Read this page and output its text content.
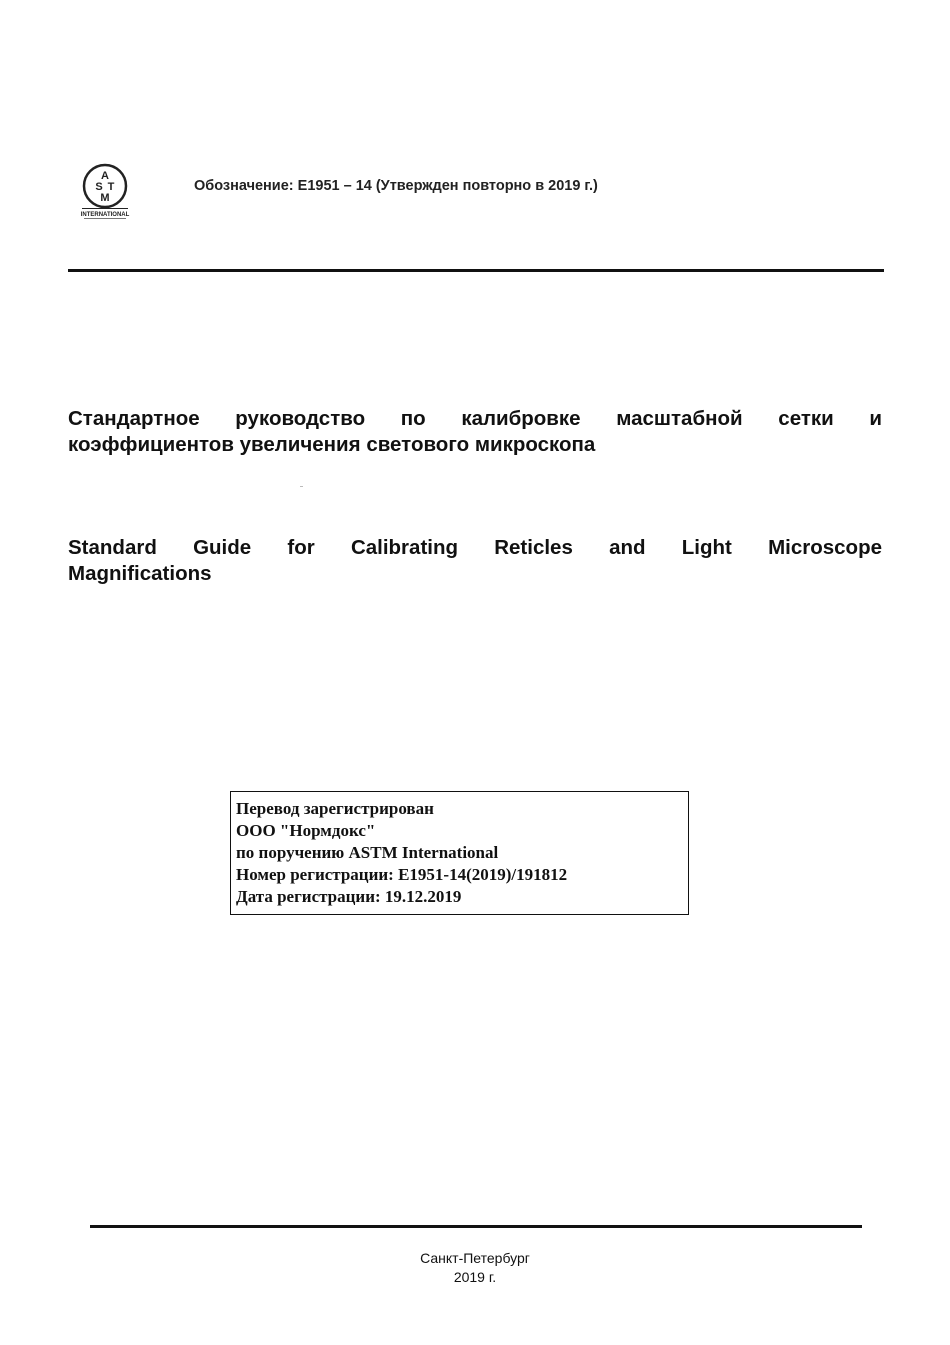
A
S T
M
INTERNATIONAL
Обозначение: E1951 – 14 (Утвержден повторно в 2019 г.)
Стандартное руководство по калибровке масштабной сетки и
коэффициентов увеличения светового микроскопа
Standard Guide for Calibrating Reticles and Light Microscope
Magnifications
Перевод зарегистрирован
ООО "Нормдокс"
по поручению ASTM International
Номер регистрации: E1951-14(2019)/191812
Дата регистрации: 19.12.2019
Санкт-Петербург
2019 г.
